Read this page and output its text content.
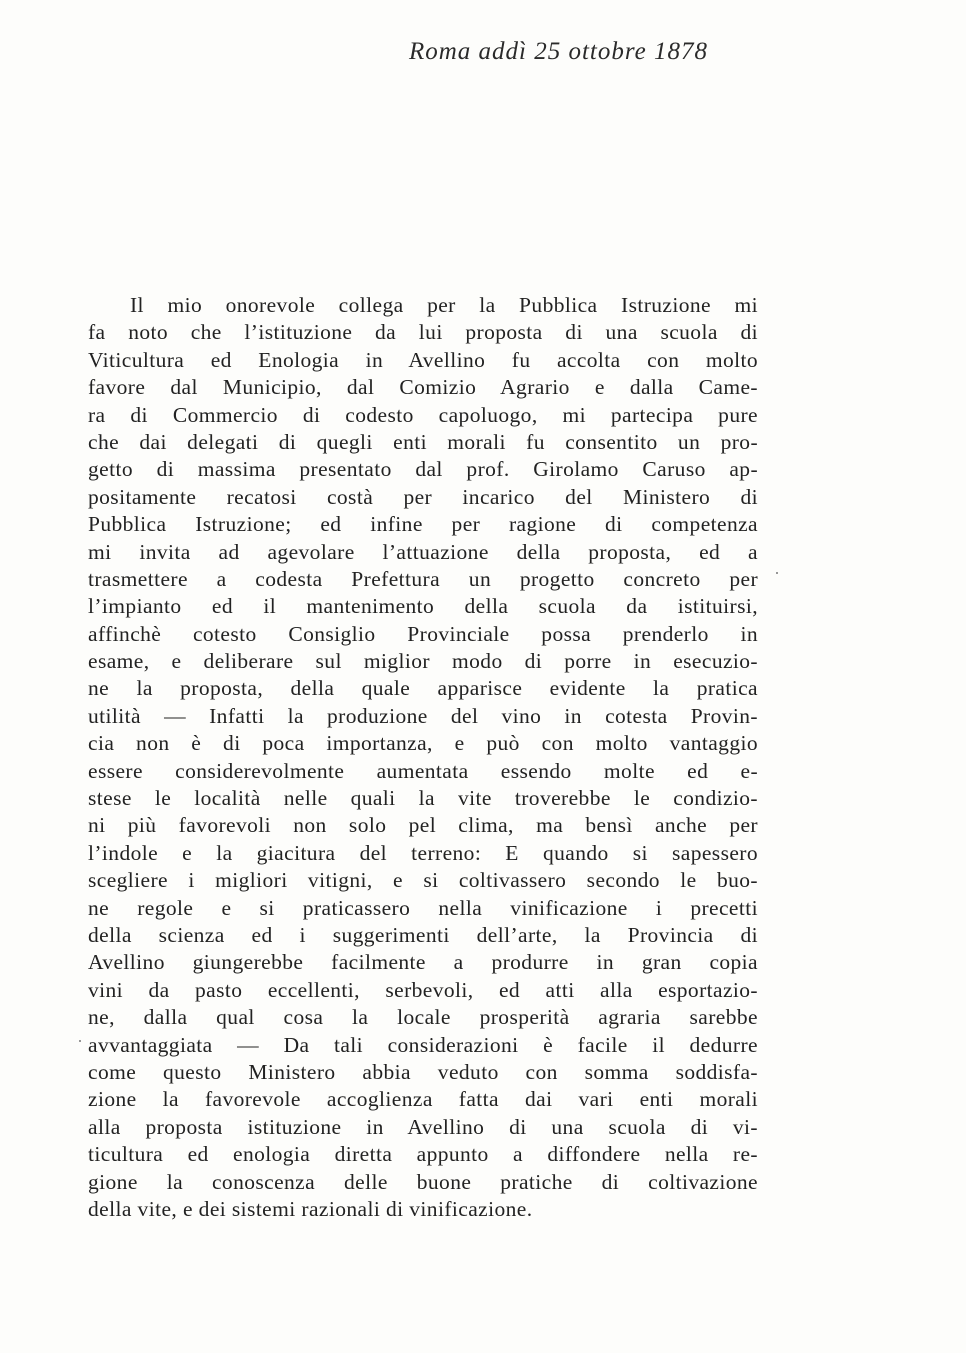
Roma addì 25 ottobre 1878
Il mio onorevole collega per la Pubblica Istruzione mi
fa noto che l’istituzione da lui proposta di una scuola di
Viticultura ed Enologia in Avellino fu accolta con molto
favore dal Municipio, dal Comizio Agrario e dalla Came-
ra di Commercio di codesto capoluogo, mi partecipa pure
che dai delegati di quegli enti morali fu consentito un pro-
getto di massima presentato dal prof. Girolamo Caruso ap-
positamente recatosi costà per incarico del Ministero di
Pubblica Istruzione; ed infine per ragione di competenza
mi invita ad agevolare l’attuazione della proposta, ed a
trasmettere a codesta Prefettura un progetto concreto per
l’impianto ed il mantenimento della scuola da istituirsi,
affinchè cotesto Consiglio Provinciale possa prenderlo in
esame, e deliberare sul miglior modo di porre in esecuzio-
ne la proposta, della quale apparisce evidente la pratica
utilità — Infatti la produzione del vino in cotesta Provin-
cia non è di poca importanza, e può con molto vantaggio
essere considerevolmente aumentata essendo molte ed e-
stese le località nelle quali la vite troverebbe le condizio-
ni più favorevoli non solo pel clima, ma bensì anche per
l’indole e la giacitura del terreno: E quando si sapessero
scegliere i migliori vitigni, e si coltivassero secondo le buo-
ne regole e si praticassero nella vinificazione i precetti
della scienza ed i suggerimenti dell’arte, la Provincia di
Avellino giungerebbe facilmente a produrre in gran copia
vini da pasto eccellenti, serbevoli, ed atti alla esportazio-
ne, dalla qual cosa la locale prosperità agraria sarebbe
avvantaggiata — Da tali considerazioni è facile il dedurre
come questo Ministero abbia veduto con somma soddisfa-
zione la favorevole accoglienza fatta dai vari enti morali
alla proposta istituzione in Avellino di una scuola di vi-
ticultura ed enologia diretta appunto a diffondere nella re-
gione la conoscenza delle buone pratiche di coltivazione
della vite, e dei sistemi razionali di vinificazione.
